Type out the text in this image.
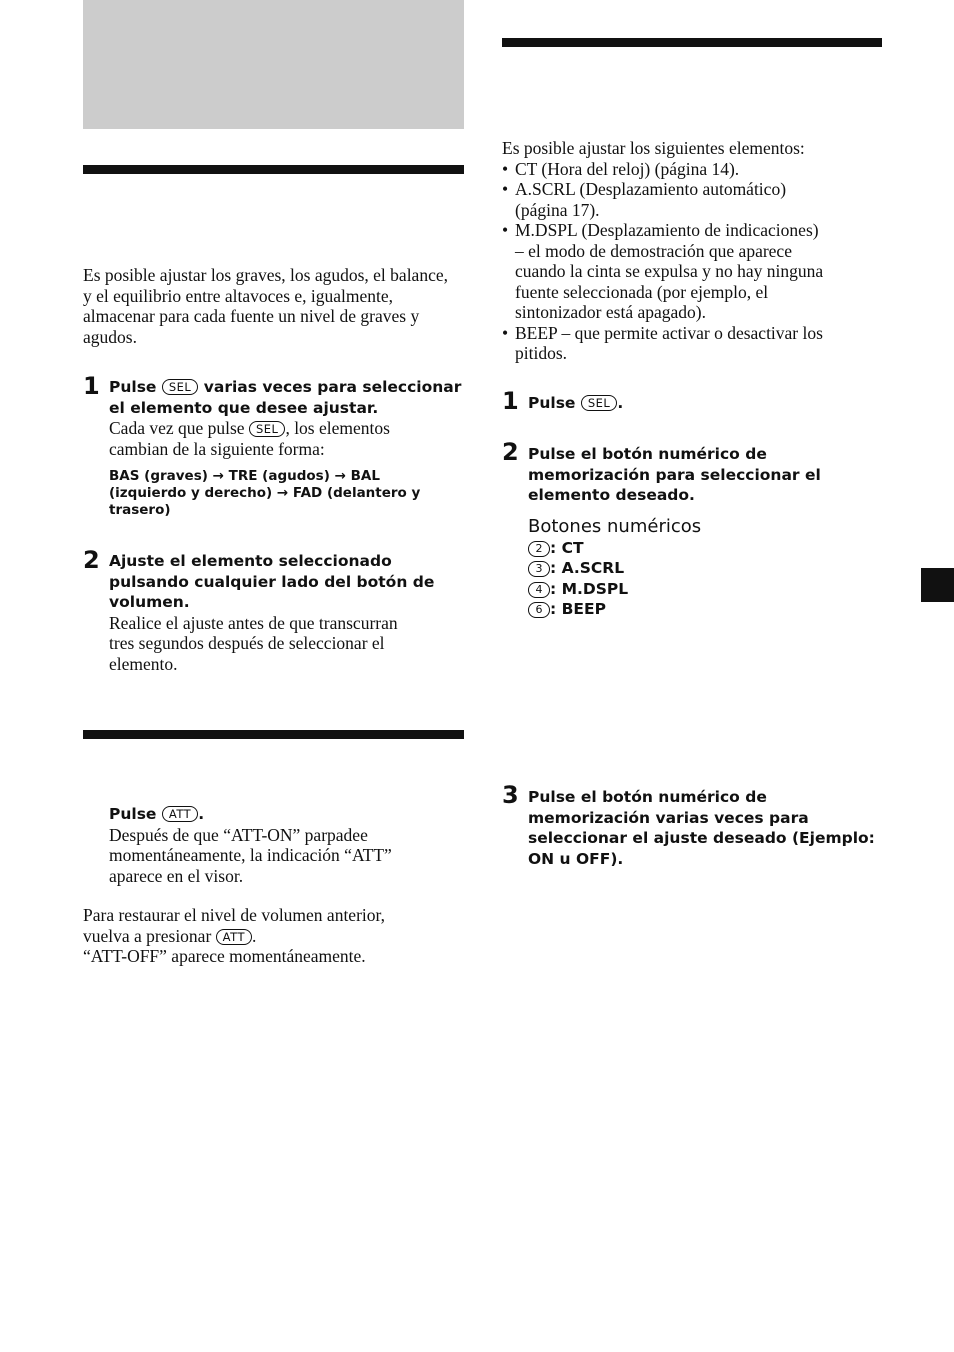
Es posible ajustar los graves, los agudos, el balance, y el equilibrio entre altavoces e, igualmente, almacenar para cada fuente un nivel de graves y agudos.
1 Pulse SEL varias veces para seleccionar
el elemento que desee ajustar.
Cada vez que pulse SEL , los elementos
cambian de la siguiente forma:
BAS (graves) → TRE (agudos) → BAL
(izquierdo y derecho) → FAD (delantero y
trasero)
2 Ajuste el elemento seleccionado
pulsando cualquier lado del botón de
volumen.
Realice el ajuste antes de que transcurran
tres segundos después de seleccionar el
elemento.
Pulse ATT .
Después de que “ATT-ON” parpadee
momentáneamente, la indicación “ATT”
aparece en el visor.
Para restaurar el nivel de volumen anterior,
vuelva a presionar ATT .
“ATT-OFF” aparece momentáneamente.
Es posible ajustar los siguientes elementos:
• CT (Hora del reloj) (página 14).
• A.SCRL (Desplazamiento automático)
(página 17).
• M.DSPL (Desplazamiento de indicaciones)
– el modo de demostración que aparece
cuando la cinta se expulsa y no hay ninguna
fuente seleccionada (por ejemplo, el
sintonizador está apagado).
• BEEP – que permite activar o desactivar los
pitidos.
1 Pulse SEL .
2 Pulse el botón numérico de
memorización para seleccionar el
elemento deseado.
Botones numéricos
2 : CT
3 : A.SCRL
4 : M.DSPL
6 : BEEP
3 Pulse el botón numérico de
memorización varias veces para
seleccionar el ajuste deseado (Ejemplo:
ON u OFF).
